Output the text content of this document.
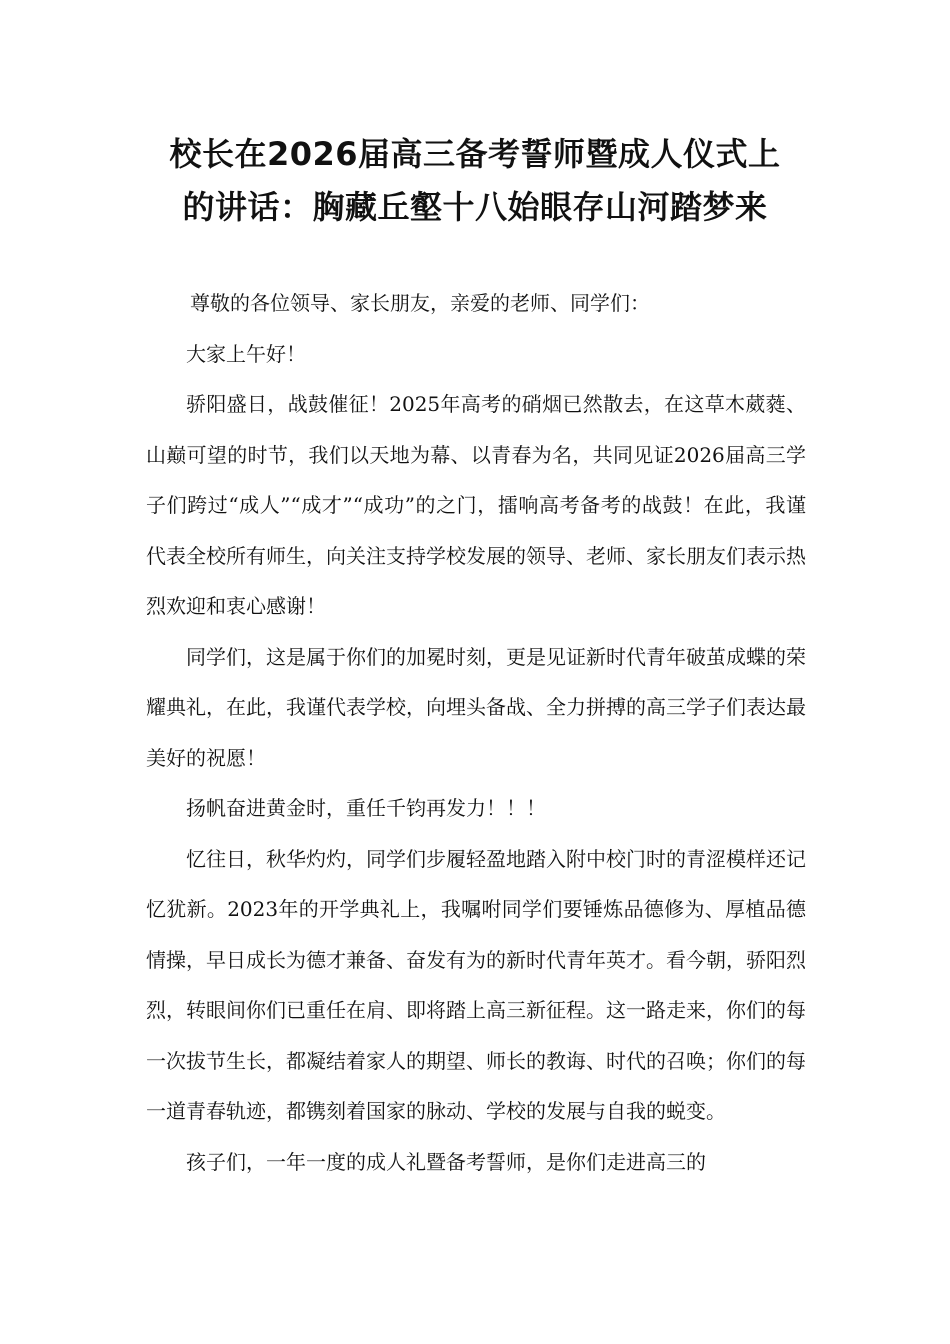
校长在2026届高三备考誓师暨成人仪式上
的讲话：胸藏丘壑十八始眼存山河踏梦来

尊敬的各位领导、家长朋友，亲爱的老师、同学们：

大家上午好！

骄阳盛日，战鼓催征！2025年高考的硝烟已然散去，在这草木葳蕤、山巅可望的时节，我们以天地为幕、以青春为名，共同见证2026届高三学子们跨过“成人”“成才”“成功”的之门，擂响高考备考的战鼓！在此，我谨代表全校所有师生，向关注支持学校发展的领导、老师、家长朋友们表示热烈欢迎和衷心感谢！

同学们，这是属于你们的加冕时刻，更是见证新时代青年破茧成蝶的荣耀典礼，在此，我谨代表学校，向埋头备战、全力拼搏的高三学子们表达最美好的祝愿！

扬帆奋进黄金时，重任千钧再发力！！！

忆往日，秋华灼灼，同学们步履轻盈地踏入附中校门时的青涩模样还记忆犹新。2023年的开学典礼上，我嘱咐同学们要锤炼品德修为、厚植品德情操，早日成长为德才兼备、奋发有为的新时代青年英才。看今朝，骄阳烈烈，转眼间你们已重任在肩、即将踏上高三新征程。这一路走来，你们的每一次拔节生长，都凝结着家人的期望、师长的教诲、时代的召唤；你们的每一道青春轨迹，都镌刻着国家的脉动、学校的发展与自我的蜕变。

孩子们，一年一度的成人礼暨备考誓师，是你们走进高三的
